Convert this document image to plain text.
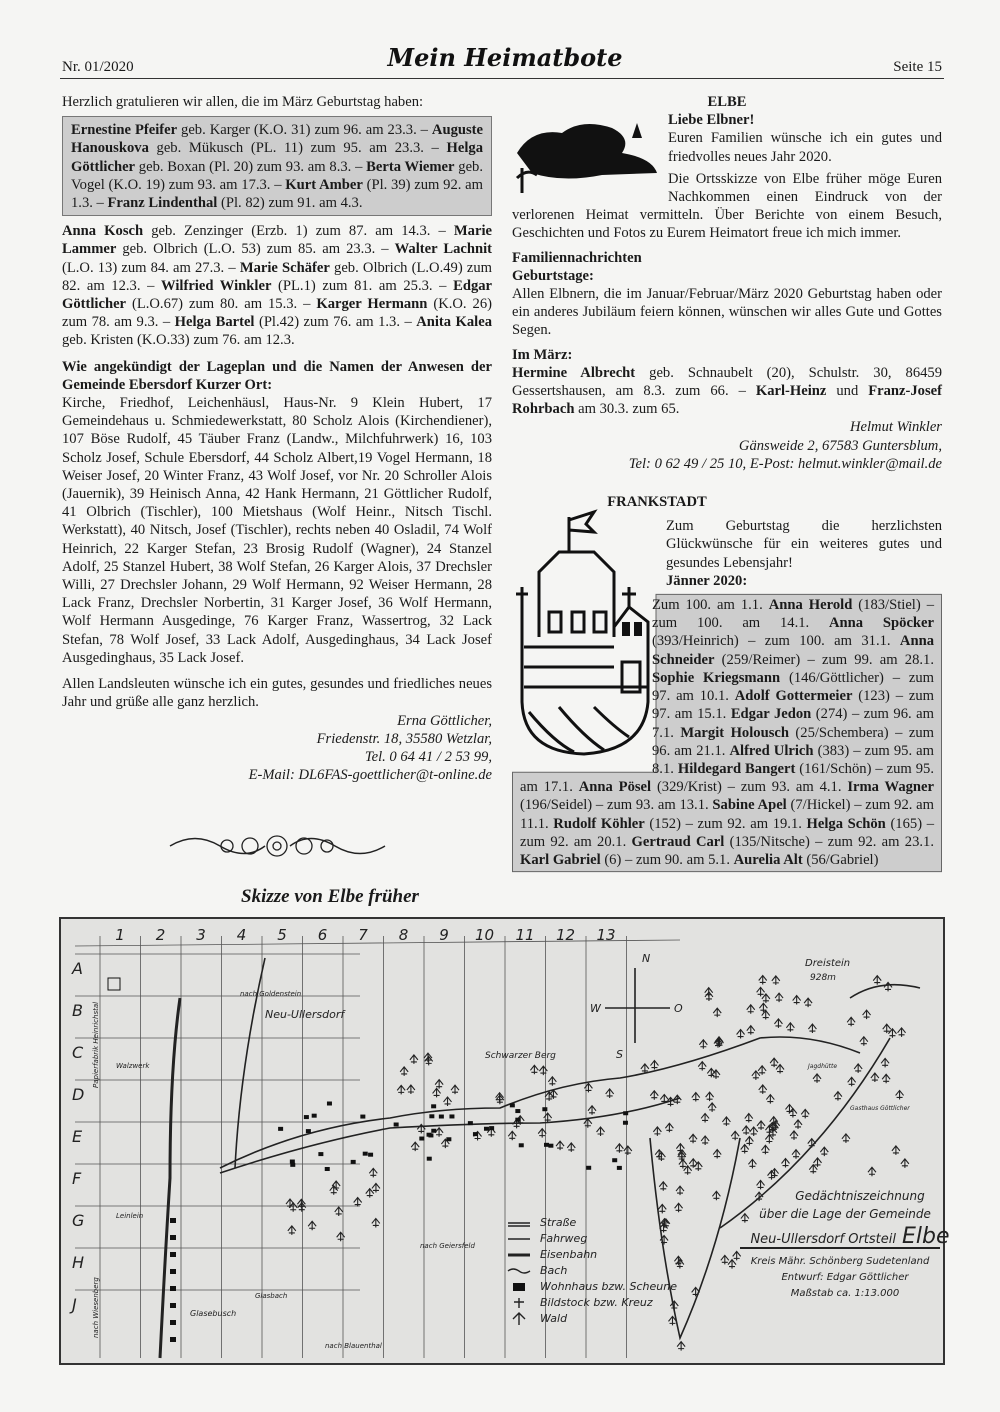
Nr. 01/2020	Mein Heimatbote	Seite 15

Herzlich gratulieren wir allen, die im März Geburtstag haben:

Ernestine Pfeifer geb. Karger (K.O. 31) zum 96. am 23.3. – Auguste Hanouskova geb. Mükusch (PL. 11) zum 95. am 23.3. – Helga Göttlicher geb. Boxan (Pl. 20) zum 93. am 8.3. – Berta Wiemer geb. Vogel (K.O. 19) zum 93. am 17.3. – Kurt Amber (Pl. 39) zum 92. am 1.3. – Franz Lindenthal (Pl. 82) zum 91. am 4.3.

Anna Kosch geb. Zenzinger (Erzb. 1) zum 87. am 14.3. – Marie Lammer geb. Olbrich (L.O. 53) zum 85. am 23.3. – Walter Lachnit (L.O. 13) zum 84. am 27.3. – Marie Schäfer geb. Olbrich (L.O.49) zum 82. am 12.3. – Wilfried Winkler (PL.1) zum 81. am 25.3. – Edgar Göttlicher (L.O.67) zum 80. am 15.3. – Karger Hermann (K.O. 26) zum 78. am 9.3. – Helga Bartel (Pl.42) zum 76. am 1.3. – Anita Kalea geb. Kristen (K.O.33) zum 76. am 12.3.

Wie angekündigt der Lageplan und die Namen der Anwesen der Gemeinde Ebersdorf Kurzer Ort:

Kirche, Friedhof, Leichenhäusl, Haus-Nr. 9 Klein Hubert, 17 Gemeindehaus u. Schmiedewerkstatt, 80 Scholz Alois (Kirchendiener), 107 Böse Rudolf, 45 Täuber Franz (Landw., Milchfuhrwerk) 16, 103 Scholz Josef, Schule Ebersdorf, 44 Scholz Albert,19 Vogel Hermann, 18 Weiser Josef, 20 Winter Franz, 43 Wolf Josef, vor Nr. 20 Schroller Alois (Jauernik), 39 Heinisch Anna, 42 Hank Hermann, 21 Göttlicher Rudolf, 41 Olbrich (Tischler), 100 Mietshaus (Wolf Heinr., Nitsch Tischl. Werkstatt), 40 Nitsch, Josef (Tischler), rechts neben 40 Osladil, 74 Wolf Heinrich, 22 Karger Stefan, 23 Brosig Rudolf (Wagner), 24 Stanzel Adolf, 25 Stanzel Hubert, 38 Wolf Stefan, 26 Karger Alois, 37 Drechsler Willi, 27 Drechsler Johann, 29 Wolf Hermann, 92 Weiser Hermann, 28 Lack Franz, Drechsler Norbertin, 31 Karger Josef, 36 Wolf Hermann, Wolf Hermann Ausgedinge, 76 Karger Franz, Wassertrog, 32 Lack Stefan, 78 Wolf Josef, 33 Lack Adolf, Ausgedinghaus, 34 Lack Josef Ausgedinghaus, 35 Lack Josef.

Allen Landsleuten wünsche ich ein gutes, gesundes und friedliches neues Jahr und grüße alle ganz herzlich.

Erna Göttlicher,
Friedenstr. 18, 35580 Wetzlar,
Tel. 0 64 41 / 2 53 99,
E-Mail: DL6FAS-goettlicher@t-online.de

ELBE

Liebe Elbner!

Euren Familien wünsche ich ein gutes und friedvolles neues Jahr 2020.

Die Ortsskizze von Elbe früher möge Euren Nachkommen einen Eindruck von der verlorenen Heimat vermitteln. Über Berichte von einem Besuch, Geschichten und Fotos zu Eurem Heimatort freue ich mich immer.

Familiennachrichten

Geburtstage:

Allen Elbnern, die im Januar/Februar/März 2020 Geburtstag haben oder ein anderes Jubiläum feiern können, wünschen wir alles Gute und Gottes Segen.

Im März:

Hermine Albrecht geb. Schnaubelt (20), Schulstr. 30, 86459 Gessertshausen, am 8.3. zum 66. – Karl-Heinz und Franz-Josef Rohrbach am 30.3. zum 65.

Helmut Winkler
Gänsweide 2, 67583 Guntersblum,
Tel: 0 62 49 / 25 10, E-Post: helmut.winkler@mail.de

FRANKSTADT

Zum Geburtstag die herzlichsten Glückwünsche für ein weiteres gutes und gesundes Lebensjahr!

Jänner 2020:

Zum 100. am 1.1. Anna Herold (183/Stiel) – zum 100. am 14.1. Anna Spöcker (393/Heinrich) – zum 100. am 31.1. Anna Schneider (259/Reimer) – zum 99. am 28.1. Sophie Kriegsmann (146/Göttlicher) – zum 97. am 10.1. Adolf Gottermeier (123) – zum 97. am 15.1. Edgar Jedon (274) – zum 96. am 7.1. Margit Holousch (25/Schembera) – zum 96. am 21.1. Alfred Ulrich (383) – zum 95. am 8.1. Hildegard Bangert (161/Schön) – zum 95. am 17.1. Anna Pösel (329/Krist) – zum 93. am 4.1. Irma Wagner (196/Seidel) – zum 93. am 13.1. Sabine Apel (7/Hickel) – zum 92. am 11.1. Rudolf Köhler (152) – zum 92. am 19.1. Helga Schön (165) – zum 92. am 20.1. Gertraud Carl (135/Nitsche) – zum 92. am 23.1. Karl Gabriel (6) – zum 90. am 5.1. Aurelia Alt (56/Gabriel)
Skizze von Elbe früher
1 2 3 4 5 6 7 8 9 10 11 12 13
A
B
C
D
E
F
G
H
J
Neu-Ullersdorf
Schwarzer Berg
Dreistein
928m
N
S
W	O
Jagdhütte
Gasthaus Göttlicher
Leinlein
Glasebusch
Glasbach
nach Goldenstein
nach Blauenthal
nach Geiersfeld
Walzwerk
nach Wiesenberg
Papierfabrik Heinrichstal
Straße
Fahrweg
Eisenbahn
Bach
Wohnhaus bzw. Scheune
Bildstock bzw. Kreuz
Wald
Gedächtniszeichnung
über die Lage der Gemeinde
Neu-Ullersdorf Ortsteil Elbe
Kreis Mähr. Schönberg Sudetenland
Entwurf: Edgar Göttlicher
Maßstab ca. 1:13.000
